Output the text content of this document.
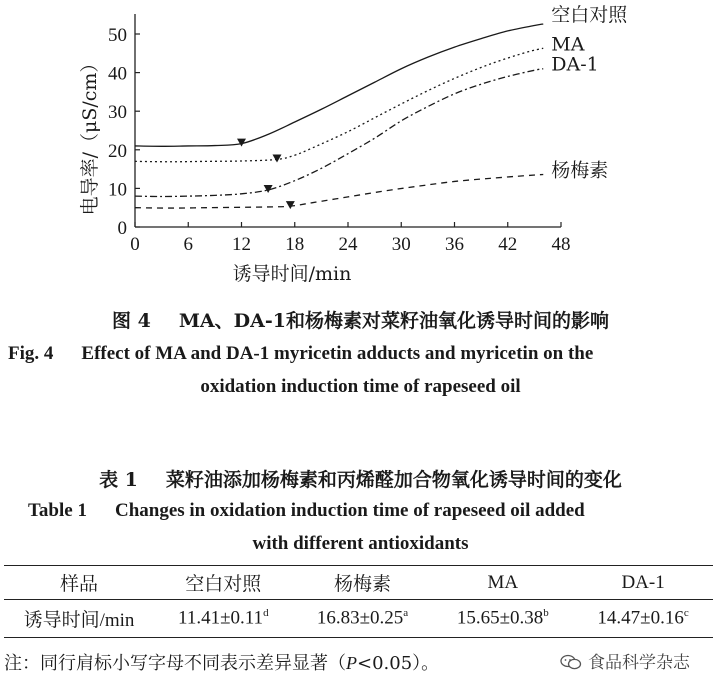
0 6 12 18 24 30 36 42 48
0
10
20
30
40
50
诱导时间/min
电导率/（μS/cm）
空白对照
MA
DA-1
杨梅素
图 4 MA、DA-1和杨梅素对菜籽油氧化诱导时间的影响
Fig. 4 Effect of MA and DA-1 myricetin adducts and myricetin on the
oxidation induction time of rapeseed oil
表 1 菜籽油添加杨梅素和丙烯醛加合物氧化诱导时间的变化
Table 1 Changes in oxidation induction time of rapeseed oil added
with different antioxidants
样品	空白对照	杨梅素	MA	DA-1
诱导时间/min	11.41±0.11$^d$	16.83±0.25$^a$	15.65±0.38$^b$	14.47±0.16$^c$
注：同行肩标小写字母不同表示差异显著（P<0.05）。	食品科学杂志
